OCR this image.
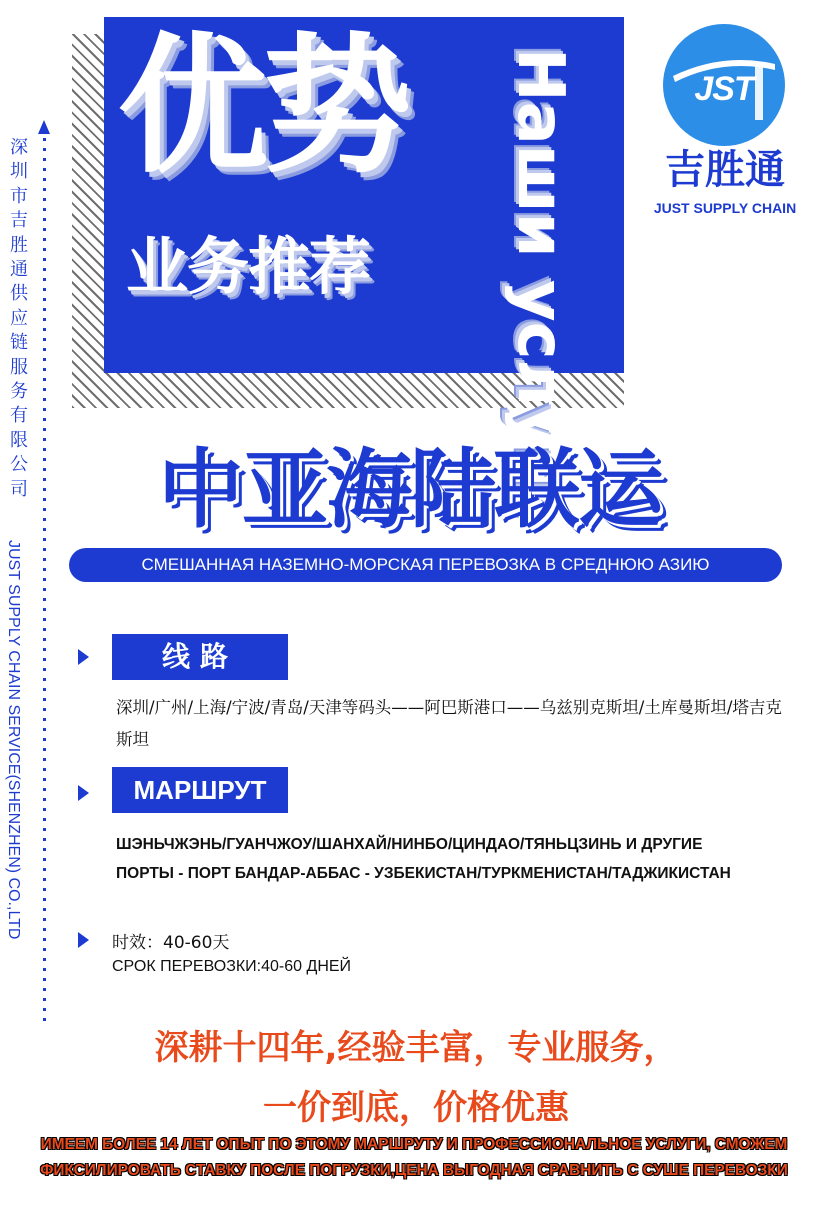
优势
业务推荐 Наши услуги	JST
吉胜通
JUST SUPPLY CHAIN
深圳市吉胜通供应链服务有限公司
JUST SUPPLY CHAIN SERVICE(SHENZHEN) CO.,LTD
中亚海陆联运
СМЕШАННАЯ НАЗЕМНО-МОРСКАЯ ПЕРЕВОЗКА В СРЕДНЮЮ АЗИЮ
线路
深圳/广州/上海/宁波/青岛/天津等码头——阿巴斯港口——乌兹别克斯坦/土库曼斯坦/塔吉克斯坦
МАРШРУТ
ШЭНЬЧЖЭНЬ/ГУАНЧЖОУ/ШАНХАЙ/НИНБО/ЦИНДАО/ТЯНЬЦЗИНЬ И ДРУГИЕ
ПОРТЫ - ПОРТ БАНДАР-АББАС - УЗБЕКИСТАН/ТУРКМЕНИСТАН/ТАДЖИКИСТАН
时效：40-60天
СРОК ПЕРЕВОЗКИ:40-60 ДНЕЙ
深耕十四年,经验丰富，专业服务，
一价到底，价格优惠
ИМЕЕМ БОЛЕЕ 14 ЛЕТ ОПЫТ ПО ЭТОМУ МАРШРУТУ И ПРОФЕССИОНАЛЬНОЕ УСЛУГИ, СМОЖЕМ
ФИКСИЛИРОВАТЬ СТАВКУ ПОСЛЕ ПОГРУЗКИ,ЦЕНА ВЫГОДНАЯ СРАВНИТЬ С СУШЕ ПЕРЕВОЗКИ
